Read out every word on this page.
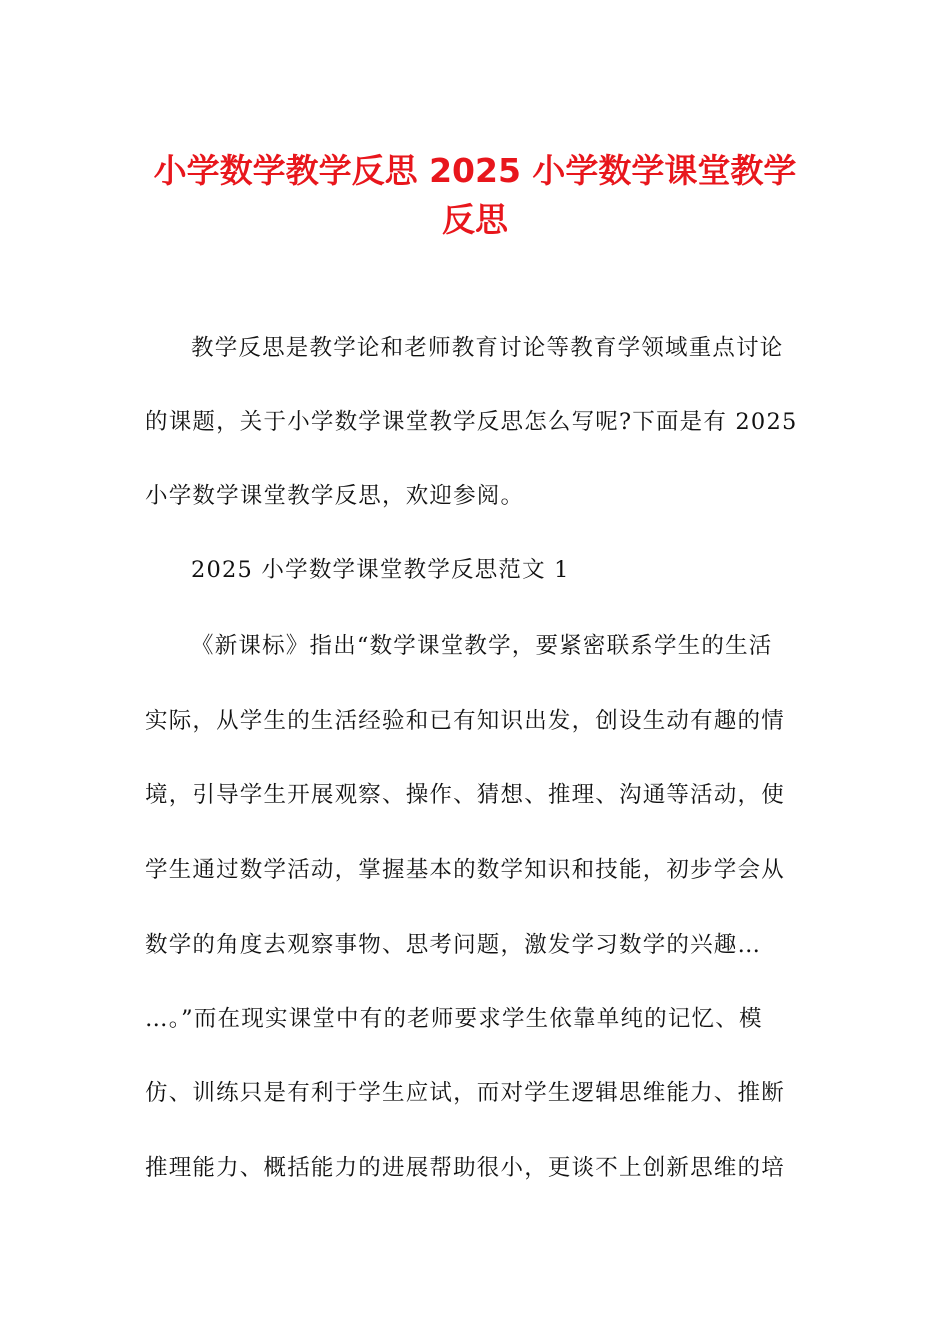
小学数学教学反思 2025 小学数学课堂教学
反思
教学反思是教学论和老师教育讨论等教育学领域重点讨论
的课题，关于小学数学课堂教学反思怎么写呢?下面是有 2025
小学数学课堂教学反思，欢迎参阅。
2025 小学数学课堂教学反思范文 1
《新课标》指出“数学课堂教学，要紧密联系学生的生活
实际，从学生的生活经验和已有知识出发，创设生动有趣的情
境，引导学生开展观察、操作、猜想、推理、沟通等活动，使
学生通过数学活动，掌握基本的数学知识和技能，初步学会从
数学的角度去观察事物、思考问题，激发学习数学的兴趣…
…。”而在现实课堂中有的老师要求学生依靠单纯的记忆、模
仿、训练只是有利于学生应试，而对学生逻辑思维能力、推断
推理能力、概括能力的进展帮助很小，更谈不上创新思维的培
